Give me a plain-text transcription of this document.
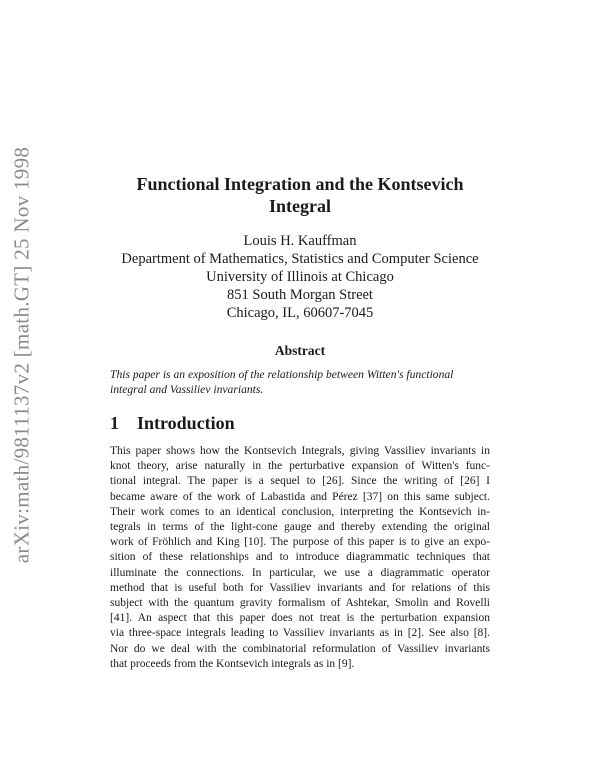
arXiv:math/9811137v2 [math.GT] 25 Nov 1998	Functional Integration and the Kontsevich
Integral
Louis H. Kauffman
Department of Mathematics, Statistics and Computer Science
University of Illinois at Chicago
851 South Morgan Street
Chicago, IL, 60607-7045
Abstract
This paper is an exposition of the relationship between Witten's functional
integral and Vassiliev invariants.
1 Introduction
This paper shows how the Kontsevich Integrals, giving Vassiliev invariants in
knot theory, arise naturally in the perturbative expansion of Witten's func-
tional integral. The paper is a sequel to [26]. Since the writing of [26] I
became aware of the work of Labastida and Pérez [37] on this same subject.
Their work comes to an identical conclusion, interpreting the Kontsevich in-
tegrals in terms of the light-cone gauge and thereby extending the original
work of Fröhlich and King [10]. The purpose of this paper is to give an expo-
sition of these relationships and to introduce diagrammatic techniques that
illuminate the connections. In particular, we use a diagrammatic operator
method that is useful both for Vassiliev invariants and for relations of this
subject with the quantum gravity formalism of Ashtekar, Smolin and Rovelli
[41]. An aspect that this paper does not treat is the perturbation expansion
via three-space integrals leading to Vassiliev invariants as in [2]. See also [8].
Nor do we deal with the combinatorial reformulation of Vassiliev invariants
that proceeds from the Kontsevich integrals as in [9].
